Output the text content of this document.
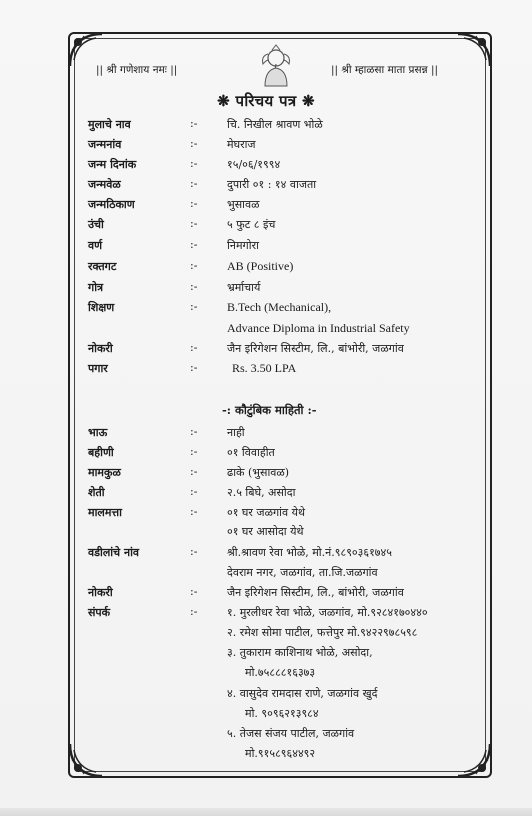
|| श्री गणेशाय नमः ||	|| श्री म्हाळसा माता प्रसन्न ||
❋ परिचय पत्र ❋
मुलाचे नाव	:-	चि. निखील श्रावण भोळे
जन्मनांव	:-	मेघराज
जन्म दिनांक	:-	१५/०६/१९९४
जन्मवेळ	:-	दुपारी ०१ : १४ वाजता
जन्मठिकाण	:-	भुसावळ
उंची	:-	५ फुट ८ इंच
वर्ण	:-	निमगोरा
रक्तगट	:- AB (Positive)
गोत्र	:-	भ्रर्माचार्य
शिक्षण	:- B.Tech (Mechanical),
Advance Diploma in Industrial Safety
नोकरी	:-	जैन इरिगेशन सिस्टीम, लि., बांभोरी, जळगांव
पगार	:-	Rs. 3.50 LPA
-: कौटुंबिक माहिती :-
भाऊ	:-	नाही
बहीणी	:-	०१ विवाहीत
मामकुळ	:-	ढाके (भुसावळ)
शेती	:-	२.५ बिघे, असोदा
मालमत्ता	:-	०१ घर जळगांव येथे
०१ घर आसोदा येथे
वडीलांचे नांव	:-	श्री.श्रावण रेवा भोळे, मो.नं.९८९०३६१७४५
देवराम नगर, जळगांव, ता.जि.जळगांव
नोकरी	:-	जैन इरिगेशन सिस्टीम, लि., बांभोरी, जळगांव
संपर्क	:-	१. मुरलीधर रेवा भोळे, जळगांव, मो.९२८४१७०४४०
२. रमेश सोमा पाटील, फत्तेपुर मो.९४२२९७८५९८
३. तुकाराम काशिनाथ भोळे, असोदा,
मो.७५८८८१६३७३
४. वासुदेव रामदास राणे, जळगांव खुर्द
मो. ९०९६२१३९८४
५. तेजस संजय पाटील, जळगांव
मो.९१५८९६४४९२
